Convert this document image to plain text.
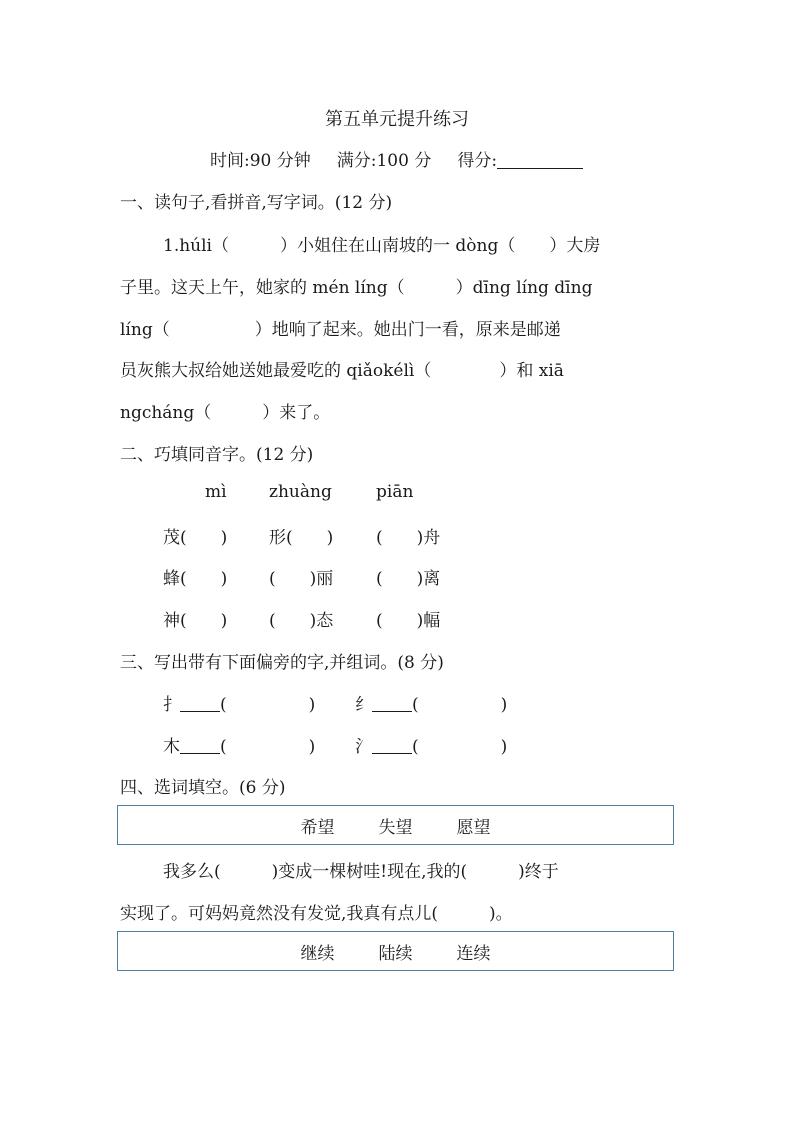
第五单元提升练习
时间:90 分钟 满分:100 分 得分:
一、读句子,看拼音,写字词。(12 分)
1.húli（　　　）小姐住在山南坡的一 dòng（　　）大房
子里。这天上午，她家的 mén líng（　　　）dīng líng dīng
líng（　　　　　）地响了起来。她出门一看，原来是邮递
员灰熊大叔给她送她最爱吃的 qiǎokélì（　　　　）和 xiā
ngcháng（　　　）来了。
二、巧填同音字。(12 分)
mì zhuàng	piān
茂(　　) 形(　　)	(　　)舟
蜂(　　) (　　)丽	(　　)离
神(　　) (　　)态	(　　)幅
三、写出带有下面偏旁的字,并组词。(8 分)
扌 (	) 纟 (	)
木 (	) 氵 (	)
四、选词填空。(6 分)
希望	失望	愿望
我多么(　　　)变成一棵树哇!现在,我的(　　　)终于
实现了。可妈妈竟然没有发觉,我真有点儿(　　　)。
继续	陆续	连续
